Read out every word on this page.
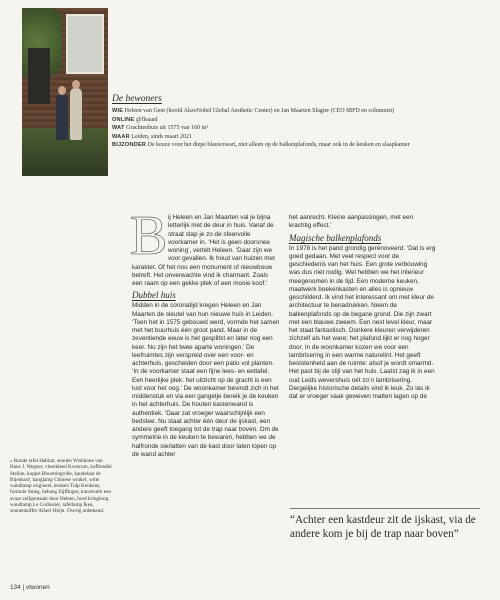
De bewoners
WIE Heleen van Gent (hoofd AkzoNobel Global Aesthetic Center) en Jan Maarten Slagter (CEO IBFD en columnist)
ONLINE @fleaanl
WAT Grachtenhuis uit 1575 van 160 m²
WAAR Leiden, sinds maart 2021
BIJZONDER De keuze voor het diepe blauwzwart, niet alleen op de balkenplafonds, maar ook in de keuken en slaapkamer
B ij Heleen en Jan Maarten val je bijna letterlijk met de deur in huis. Vanaf de straat stap je zo de sfeervolle voorkamer in. ‘Het is geen doorsnee woning’, vertelt Heleen. ‘Daar zijn we voor gevallen. Ik houd van huizen met karakter. Of het nou een monument of nieuwbouw betreft. Het onverwachte vind ik charmant. Zoals een raam op een gekke plek of een mooie koof.’

Dubbel huis

Midden in de coronatijd kregen Heleen en Jan Maarten de sleutel van hun nieuwe huis in Leiden. ‘Toen het in 1575 gebouwd werd, vormde het samen met het buurhuis één groot pand. Maar in de zeventiende eeuw is het gesplitst en later nog een keer. Nu zijn het twee aparte woningen.’ De leefruimtes zijn verspreid over een voor- en achterhuis, gescheiden door een patio vol planten. ‘In de voorkamer staat een fijne lees- en eettafel. Een heerlijke plek: het uitzicht op de gracht is een lust voor het oog.’ De woonkamer bevindt zich in het middenstuk en via een gangetje bereik je de keuken in het achterhuis. De houten kastenwand is authentiek. ‘Daar zat vroeger waarschijnlijk een bedstee. Nu staat achter één deur de ijskast, een andere geeft toegang tot de trap naar boven. Om de symmetrie in de keuken te bewaren, hebben we de halfronde sierlatten van de kast door laten lopen op de wand achter

het aanrecht. Kleine aanpassingen, met een krachtig effect.’

Magische balkenplafonds

In 1978 is het pand grondig gerenoveerd. ‘Dat is erg goed gedaan. Met veel respect voor de geschiedenis van het huis. Een grote verbouwing was dus niet nodig. Wel hebben we het interieur meegenomen in de tijd. Een moderne keuken, maatwerk boekenkasten en alles is opnieuw geschilderd. Ik vind het interessant om met kleur de architectuur te benadrukken. Neem de balkenplafonds op de begane grond. Die zijn zwart met een blauwe zweem. Een next level kleur, maar het staat fantastisch. Donkere kleuren verwijderen zichzelf als het ware; het plafond lijkt er nog hoger door. In de woonkamer kozen we voor een lambrisering in een warme naturelint. Het geeft beslotenheid aan de ruimte: alsof je wordt omarmd. Het past bij de stijl van het huis. Laatst zag ik in een oud Leids wevershuis nét zo’n lambrisering. Dergelijke historische details vind ik leuk. Zo las ik dat er vroeger vaak geweven matten lagen op de

“Achter een kastdeur zit de ijskast, via de andere kom je bij de trap naar boven”
» Ronde tafel Habitat, stoelen Wishbone van Hans J. Wegner, vloerkleed Kvenrum, koffietafel Stellan, kopjes Bloomingville, kandelaar de Bijenkorf, hanglamp Chinese winkel, witte wandlamp origineel, keuken Tulp Keukens, formule Smeg, behang Eijffinger, kunstwerk een avaar zelfgemaakt door Heleen, bord kringloop, wandlamp Le Corbusier, tafellamp Ikea, sonnenkoffer Albert Heijn. Overig onbekend.
134 | vtwonen
